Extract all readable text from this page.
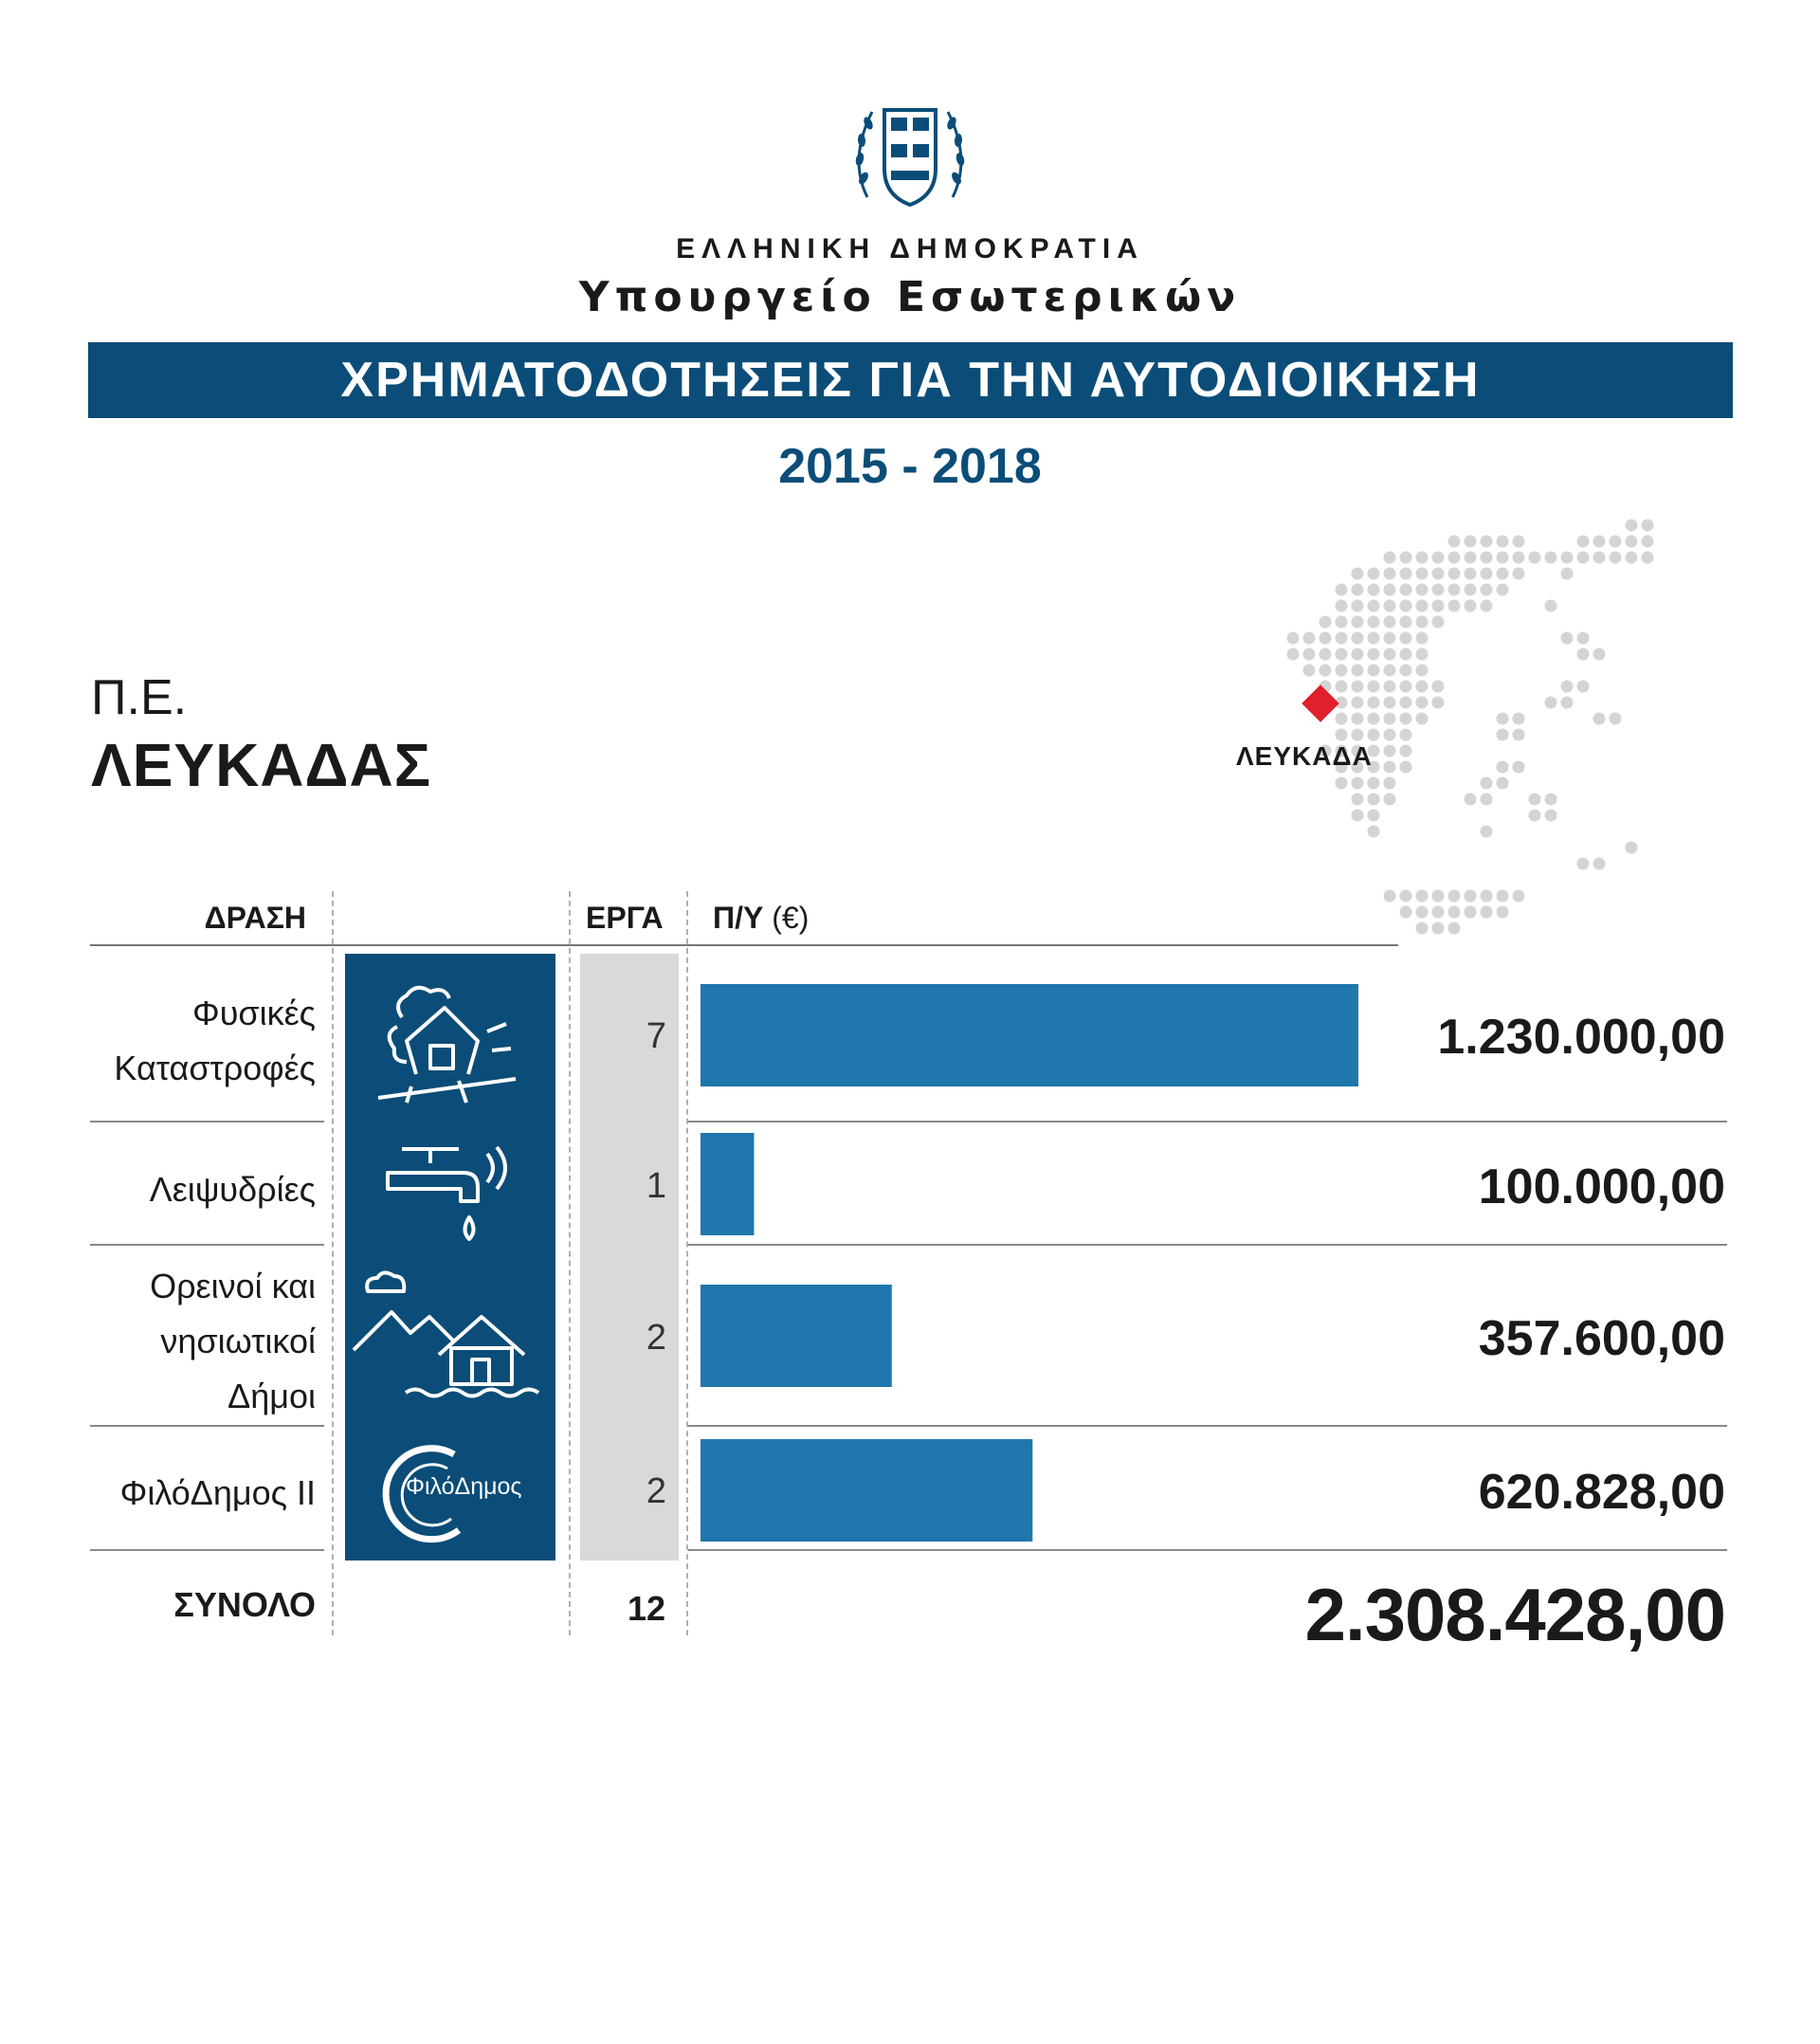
ΕΛΛΗΝΙΚΗ ΔΗΜΟΚΡΑΤΙΑ
Υπουργείο Εσωτερικών
ΧΡΗΜΑΤΟΔΟΤΗΣΕΙΣ ΓΙΑ ΤΗΝ ΑΥΤΟΔΙΟΙΚΗΣΗ
2015 - 2018
Π.Ε.
ΛΕΥΚΑΔΑΣ	ΛΕΥΚΑΔΑ
ΔΡΑΣΗ	ΕΡΓΑ Π/Υ (€)
Φυσικές
Καταστροφές
7	1.230.000,00
Λειψυδρίες	1	100.000,00
Ορεινοί και
νησιωτικοί
Δήμοι
2	357.600,00
ΦιλόΔημος ΙΙ	ΦιλόΔημος	2	620.828,00
ΣΥΝΟΛΟ	12	2.308.428,00
